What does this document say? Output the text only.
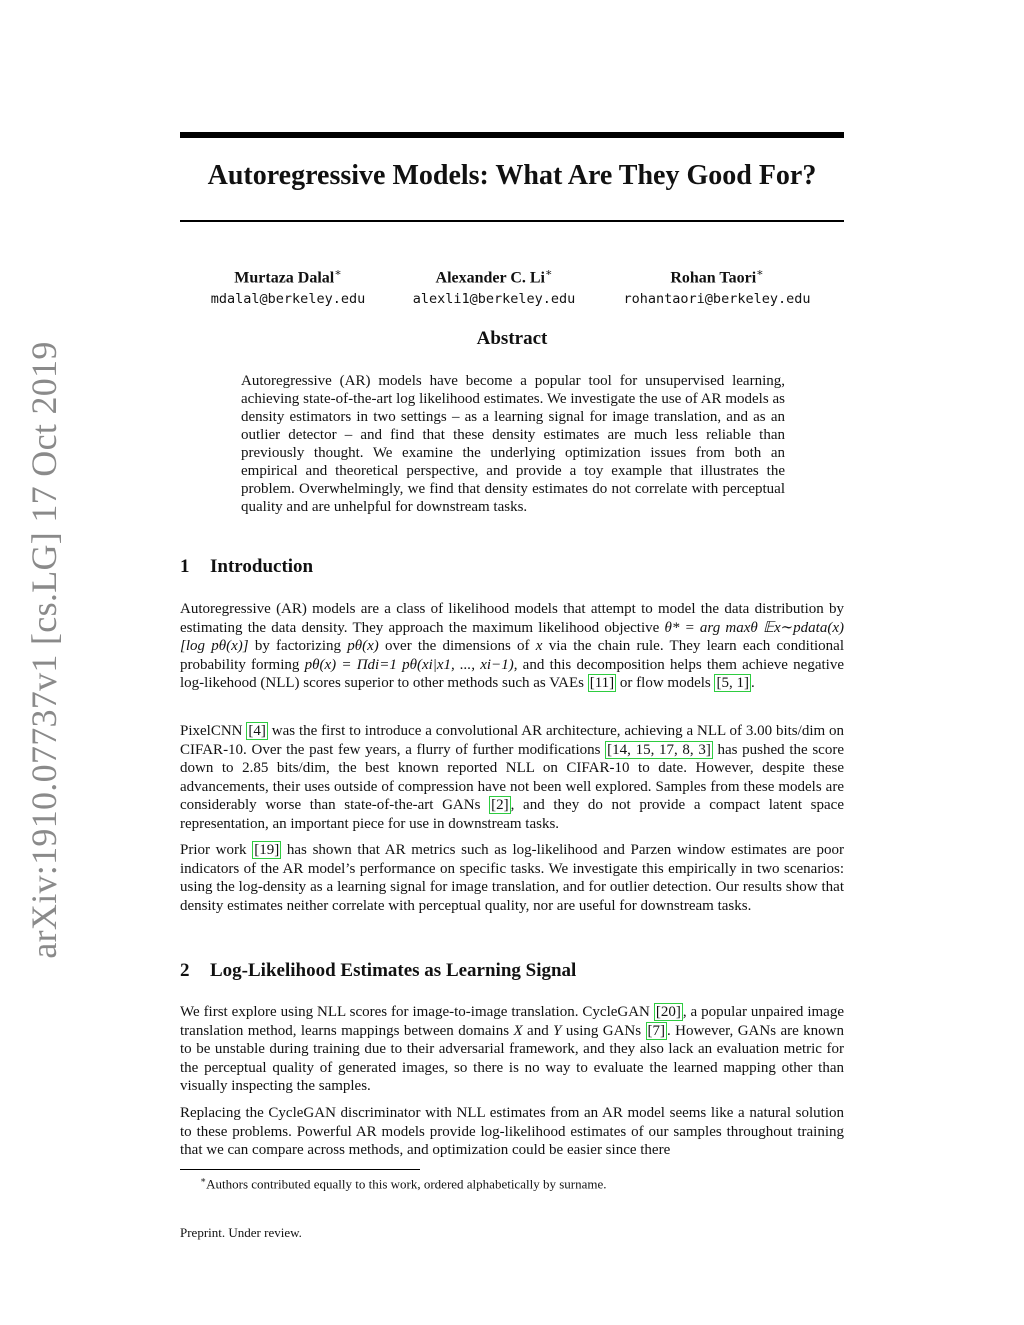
arXiv:1910.07737v1 [cs.LG] 17 Oct 2019
Autoregressive Models: What Are They Good For?
Murtaza Dalal∗
mdalal@berkeley.edu
Alexander C. Li∗
alexli1@berkeley.edu
Rohan Taori∗
rohantaori@berkeley.edu
Abstract
Autoregressive (AR) models have become a popular tool for unsupervised learning, achieving state-of-the-art log likelihood estimates. We investigate the use of AR models as density estimators in two settings – as a learning signal for image translation, and as an outlier detector – and find that these density estimates are much less reliable than previously thought. We examine the underlying optimization issues from both an empirical and theoretical perspective, and provide a toy example that illustrates the problem. Overwhelmingly, we find that density estimates do not correlate with perceptual quality and are unhelpful for downstream tasks.
1 Introduction

Autoregressive (AR) models are a class of likelihood models that attempt to model the data distribution by estimating the data density. They approach the maximum likelihood objective θ* = arg maxθ 𝔼x∼pdata(x)[log pθ(x)] by factorizing pθ(x) over the dimensions of x via the chain rule. They learn each conditional probability forming pθ(x) = Πdi=1 pθ(xi|x1, ..., xi−1), and this decomposition helps them achieve negative log-likehood (NLL) scores superior to other methods such as VAEs [11] or flow models [5, 1] .

PixelCNN [4] was the first to introduce a convolutional AR architecture, achieving a NLL of 3.00 bits/dim on CIFAR-10. Over the past few years, a flurry of further modifications [14, 15, 17, 8, 3] has pushed the score down to 2.85 bits/dim, the best known reported NLL on CIFAR-10 to date. However, despite these advancements, their uses outside of compression have not been well explored. Samples from these models are considerably worse than state-of-the-art GANs [2] , and they do not provide a compact latent space representation, an important piece for use in downstream tasks.

Prior work [19] has shown that AR metrics such as log-likelihood and Parzen window estimates are poor indicators of the AR model’s performance on specific tasks. We investigate this empirically in two scenarios: using the log-density as a learning signal for image translation, and for outlier detection. Our results show that density estimates neither correlate with perceptual quality, nor are useful for downstream tasks.

2 Log-Likelihood Estimates as Learning Signal

We first explore using NLL scores for image-to-image translation. CycleGAN [20] , a popular unpaired image translation method, learns mappings between domains X and Y using GANs [7] . However, GANs are known to be unstable during training due to their adversarial framework, and they also lack an evaluation metric for the perceptual quality of generated images, so there is no way to evaluate the learned mapping other than visually inspecting the samples.

Replacing the CycleGAN discriminator with NLL estimates from an AR model seems like a natural solution to these problems. Powerful AR models provide log-likelihood estimates of our samples throughout training that we can compare across methods, and optimization could be easier since there

∗Authors contributed equally to this work, ordered alphabetically by surname.
Preprint. Under review.
